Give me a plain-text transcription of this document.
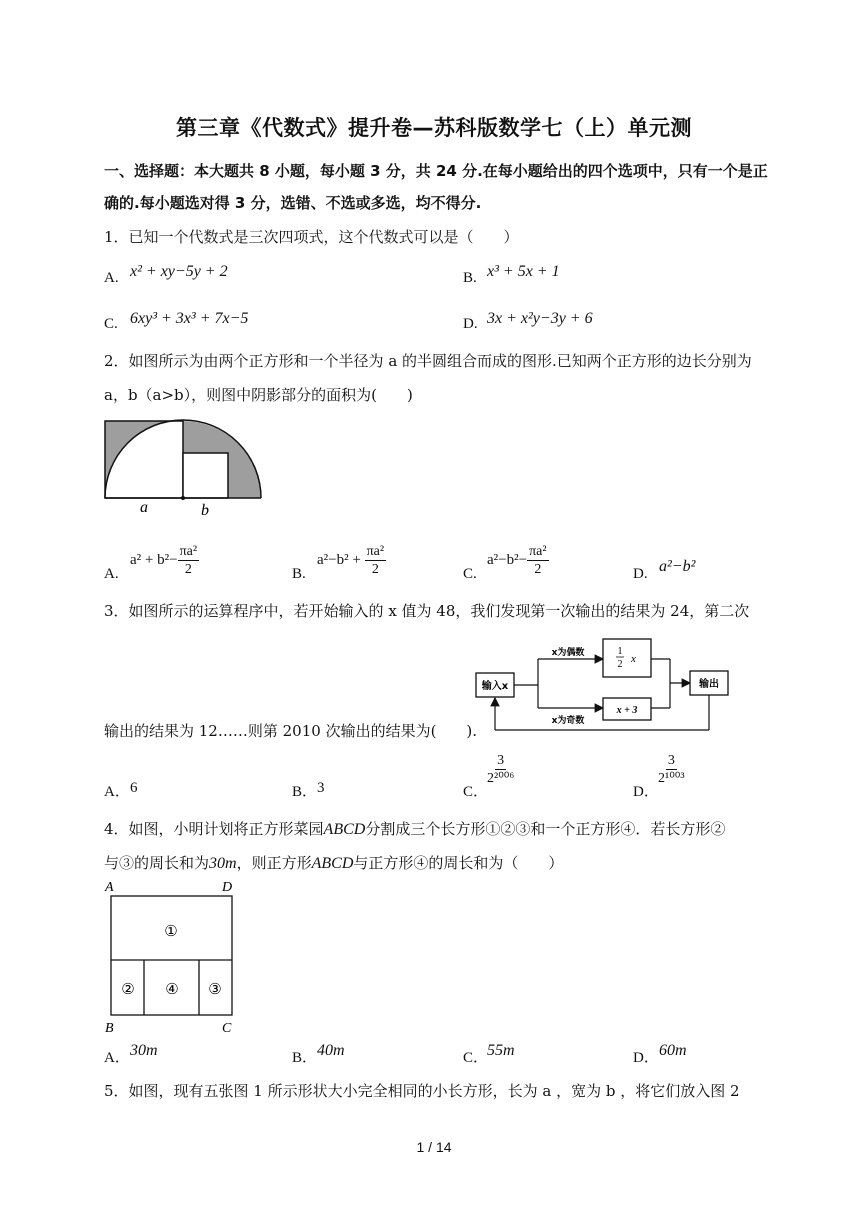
第三章《代数式》提升卷—苏科版数学七（上）单元测
一、选择题：本大题共 8 小题，每小题 3 分，共 24 分.在每小题给出的四个选项中，只有一个是正
确的.每小题选对得 3 分，选错、不选或多选，均不得分.
1．已知一个代数式是三次四项式，这个代数式可以是（　　）
A. x² + xy−5y + 2	B. x³ + 5x + 1
C. 6xy³ + 3x³ + 7x−5	D. 3x + x²y−3y + 6
2．如图所示为由两个正方形和一个半径为 a 的半圆组合而成的图形.已知两个正方形的边长分别为
a，b（a>b），则图中阴影部分的面积为(　　)
a	b
A.
$a^2 + b^2- \frac{\text{πa²}}{2}$	B.
$a^2-b^2 + \frac{\text{πa²}}{2}$	C.
$a^2-b^2- \frac{\text{πa²}}{2}$	D. a²−b²
3．如图所示的运算程序中，若开始输入的 x 值为 48，我们发现第一次输出的结果为 24，第二次
输入x
x为偶数
x为奇数
1
2 x
x + 3
输出
输出的结果为 12……则第 2010 次输出的结果为(　　).
A． 6	B． 3	C．
$\frac{3}{\text{2²⁰⁰⁶}}$
D．
$\frac{3}{\text{2¹⁰⁰³}}$
4．如图，小明计划将正方形菜园ABCD分割成三个长方形①②③和一个正方形④．若长方形②
与③的周长和为30m，则正方形ABCD与正方形④的周长和为（　　）
A	D
B	C
①
② ④ ③
A． 30m	B． 40m	C．
55m	D． 60m
5．如图，现有五张图 1 所示形状大小完全相同的小长方形，长为 a ，宽为 b ，将它们放入图 2
1 / 14
